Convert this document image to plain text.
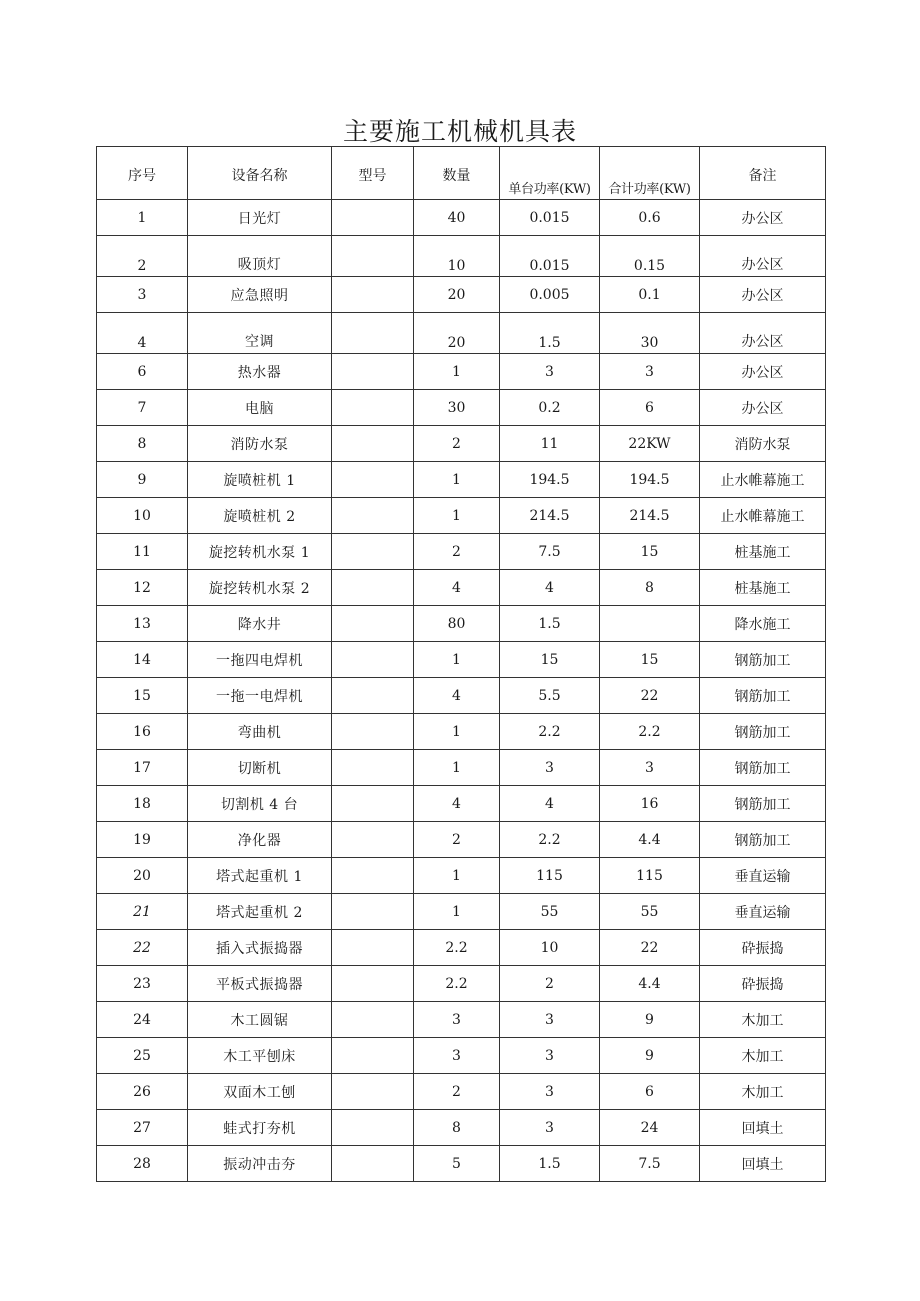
主要施工机械机具表
序号	设备名称	型号	数量	单台功率(KW)	合计功率(KW)	备注
1	日光灯		40	0.015	0.6	办公区
2	吸顶灯		10	0.015	0.15	办公区
3	应急照明		20	0.005	0.1	办公区
4	空调		20	1.5	30	办公区
6	热水器		1	3	3	办公区
7	电脑		30	0.2	6	办公区
8	消防水泵		2	11	22KW	消防水泵
9	旋喷桩机 1		1	194.5	194.5	止水帷幕施工
10	旋喷桩机 2		1	214.5	214.5	止水帷幕施工
11	旋挖转机水泵 1		2	7.5	15	桩基施工
12	旋挖转机水泵 2		4	4	8	桩基施工
13	降水井		80	1.5		降水施工
14	一拖四电焊机		1	15	15	钢筋加工
15	一拖一电焊机		4	5.5	22	钢筋加工
16	弯曲机		1	2.2	2.2	钢筋加工
17	切断机		1	3	3	钢筋加工
18	切割机 4 台		4	4	16	钢筋加工
19	净化器		2	2.2	4.4	钢筋加工
20	塔式起重机 1		1	115	115	垂直运输
21	塔式起重机 2		1	55	55	垂直运输
22	插入式振捣器		2.2	10	22	砕振捣
23	平板式振捣器		2.2	2	4.4	砕振捣
24	木工圆锯		3	3	9	木加工
25	木工平刨床		3	3	9	木加工
26	双面木工刨		2	3	6	木加工
27	蛙式打夯机		8	3	24	回填土
28	振动冲击夯		5	1.5	7.5	回填土
